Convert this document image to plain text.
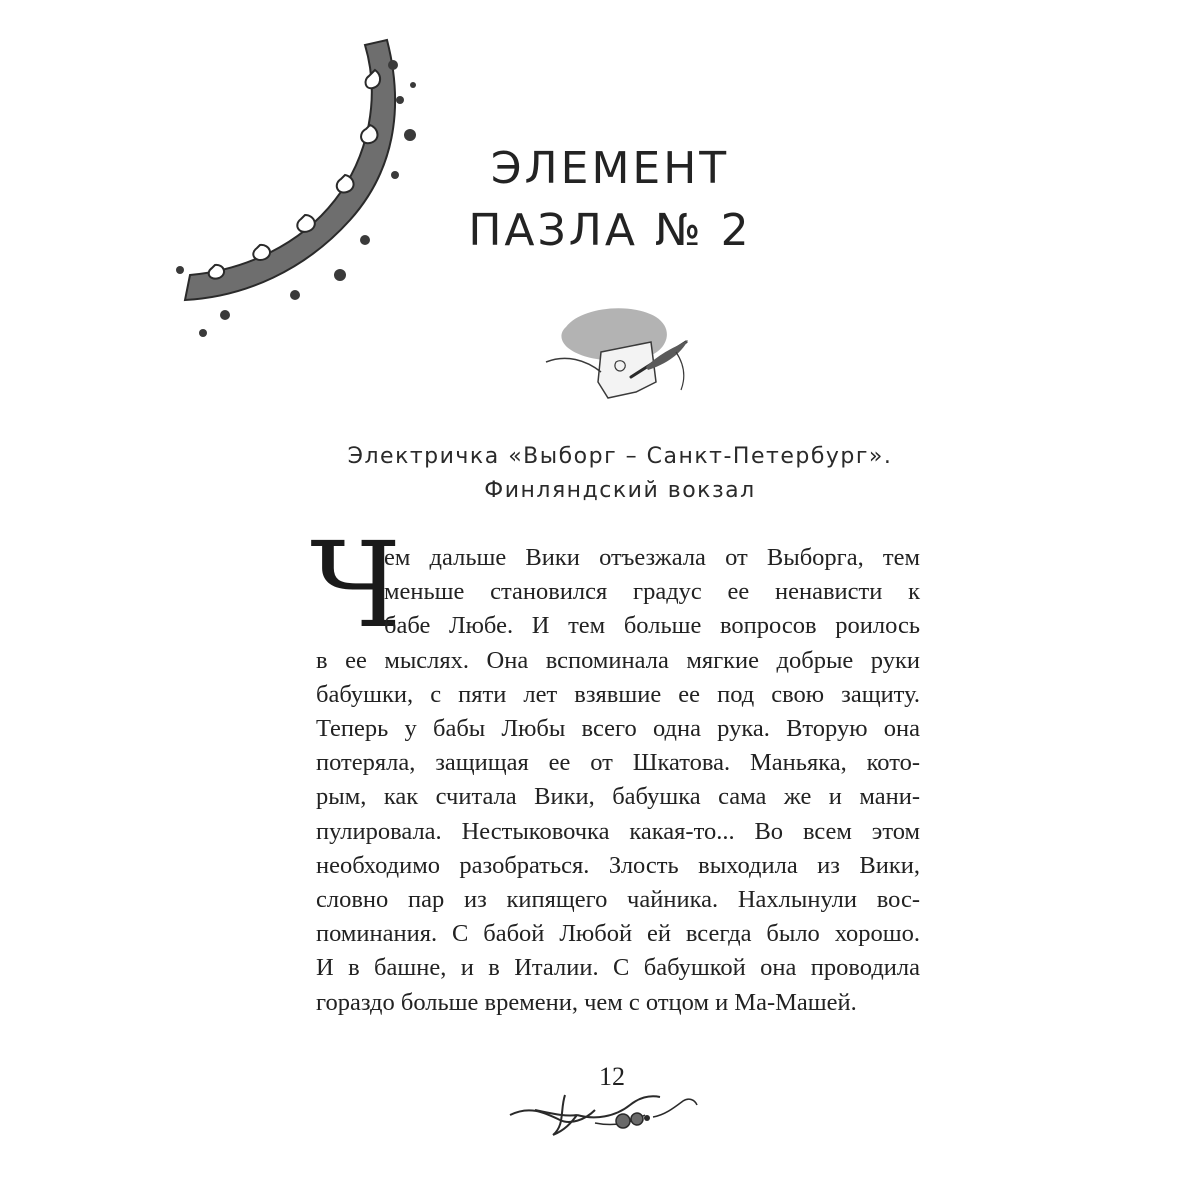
ЭЛЕМЕНТ
ПАЗЛА № 2

Электричка «Выборг – Санкт-Петербург».
Финляндский вокзал

Ч

ем дальше Вики отъезжала от Выборга, тем
меньше становился градус ее ненависти к
бабе Любе. И тем больше вопросов роилось
в ее мыслях. Она вспоминала мягкие добрые руки
бабушки, с пяти лет взявшие ее под свою защиту.
Теперь у бабы Любы всего одна рука. Вторую она
потеряла, защищая ее от Шкатова. Маньяка, кото-
рым, как считала Вики, бабушка сама же и мани-
пулировала. Нестыковочка какая-то... Во всем этом
необходимо разобраться. Злость выходила из Вики,
словно пар из кипящего чайника. Нахлынули вос-
поминания. С бабой Любой ей всегда было хорошо.
И в башне, и в Италии. С бабушкой она проводила
гораздо больше времени, чем с отцом и Ма-Машей.

12
